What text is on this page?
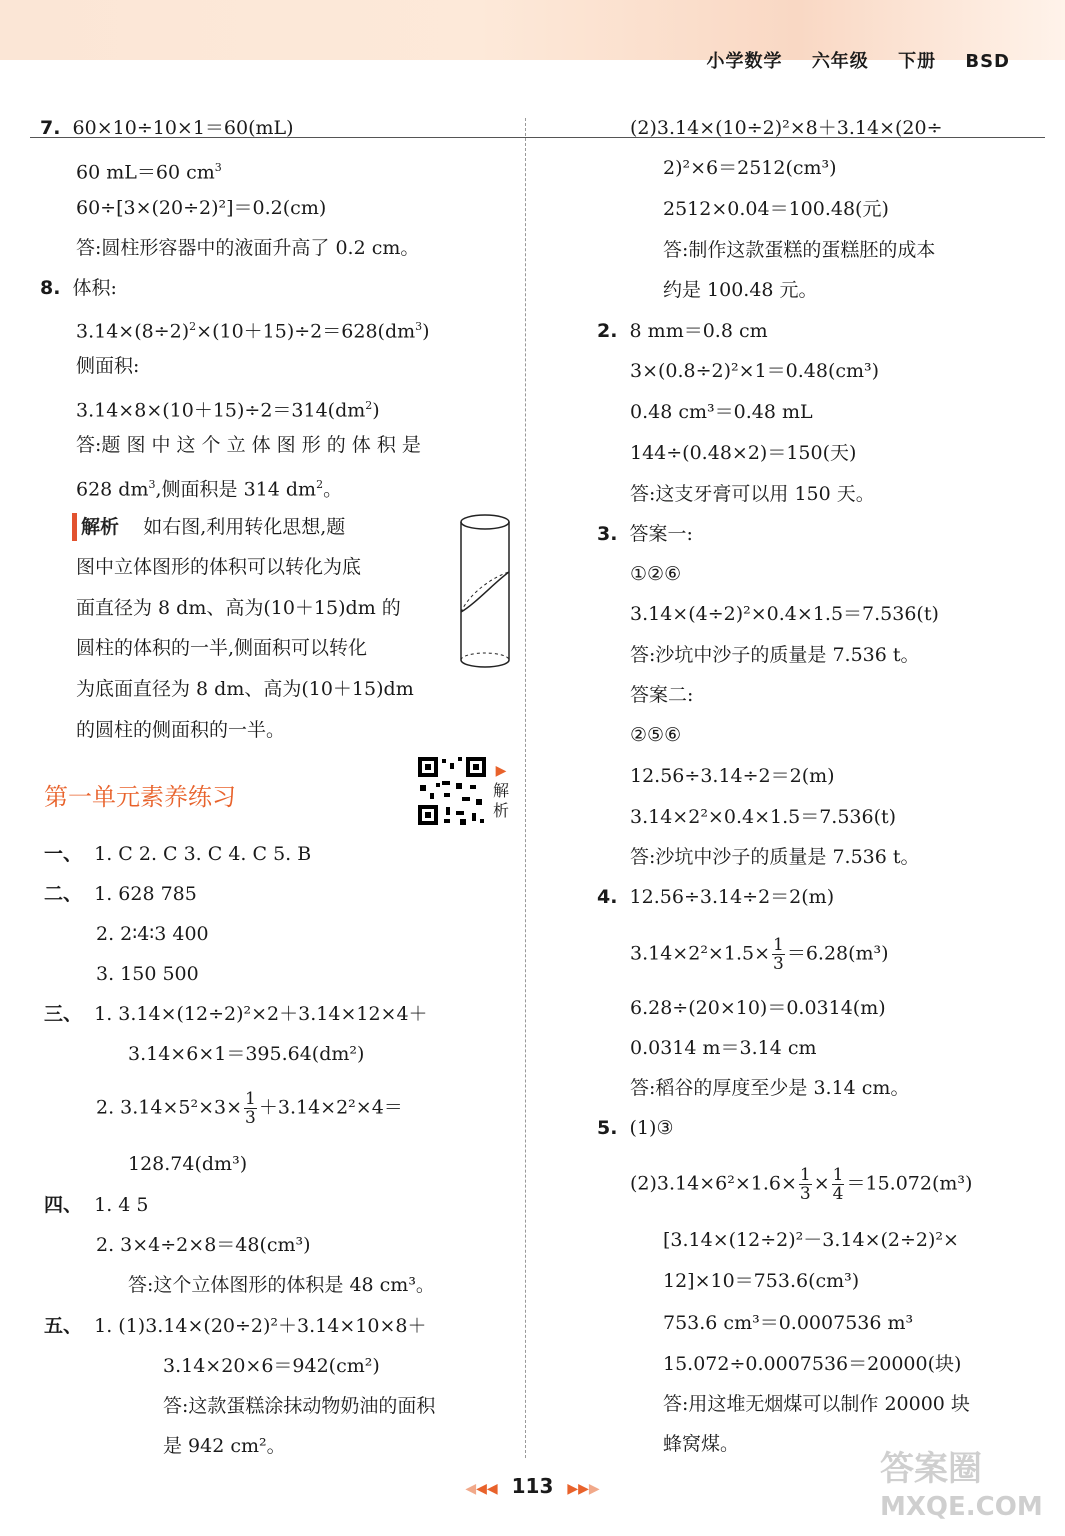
小学数学 六年级 下册 BSD
7. 60×10÷10×1＝60(mL)
60 mL＝60 $cm^3$
60÷[3×(20÷2)²]＝0.2(cm)
答:圆柱形容器中的液面升高了 0.2 cm。
8. 体积:
$3.14\times(8\div 2)^2\times(10+15)\div 2=628(dm^3)$
侧面积:
$3.14\times 8\times(10+15)\div 2=314(dm^2)$
答:题 图 中 这 个 立 体 图 形 的 体 积 是
628 $dm^3$,侧面积是 314 $dm^2$。
解析 如右图,利用转化思想,题
图中立体图形的体积可以转化为底
面直径为 8 dm、高为(10＋15)dm 的
圆柱的体积的一半,侧面积可以转化
为底面直径为 8 dm、高为(10＋15)dm
的圆柱的侧面积的一半。
第一单元素养练习
▶
解析
一、 1. C 2. C 3. C 4. C 5. B
二、 1. 628 785
2. 2∶4∶3 400
3. 150 500
三、 1. 3.14×(12÷2)²×2＋3.14×12×4＋
3.14×6×1＝395.64(dm²)
2. $3.14\times 5^2\times 3\times \frac{1}{3} +3.14\times 2^2\times 4=$
128.74(dm³)
四、 1. 4 5
2. 3×4÷2×8＝48(cm³)
答:这个立体图形的体积是 48 cm³。
五、 1. (1)3.14×(20÷2)²＋3.14×10×8＋
3.14×20×6＝942(cm²)
答:这款蛋糕涂抹动物奶油的面积
是 942 cm²。
(2)3.14×(10÷2)²×8＋3.14×(20÷
2)²×6＝2512(cm³)
2512×0.04＝100.48(元)
答:制作这款蛋糕的蛋糕胚的成本
约是 100.48 元。
2. 8 mm＝0.8 cm
3×(0.8÷2)²×1＝0.48(cm³)
0.48 cm³＝0.48 mL
144÷(0.48×2)＝150(天)
答:这支牙膏可以用 150 天。
3. 答案一:
①②⑥
3.14×(4÷2)²×0.4×1.5＝7.536(t)
答:沙坑中沙子的质量是 7.536 t。
答案二:
②⑤⑥
12.56÷3.14÷2＝2(m)
3.14×2²×0.4×1.5＝7.536(t)
答:沙坑中沙子的质量是 7.536 t。
4. 12.56÷3.14÷2＝2(m)
$3.14\times 2^2\times 1.5\times \frac{1}{3} =6.28(m^3)$
6.28÷(20×10)＝0.0314(m)
0.0314 m＝3.14 cm
答:稻谷的厚度至少是 3.14 cm。
5. (1)③
$(2)3.14\times 6^2\times 1.6\times \frac{1}{3} \times \frac{1}{4} =15.072(m^3)$
[3.14×(12÷2)²－3.14×(2÷2)²×
12]×10＝753.6(cm³)
753.6 cm³＝0.0007536 m³
15.072÷0.0007536＝20000(块)
答:用这堆无烟煤可以制作 20000 块
蜂窝煤。
◀◀◀ 113 ▶▶▶	答案圈
MXQE.COM
